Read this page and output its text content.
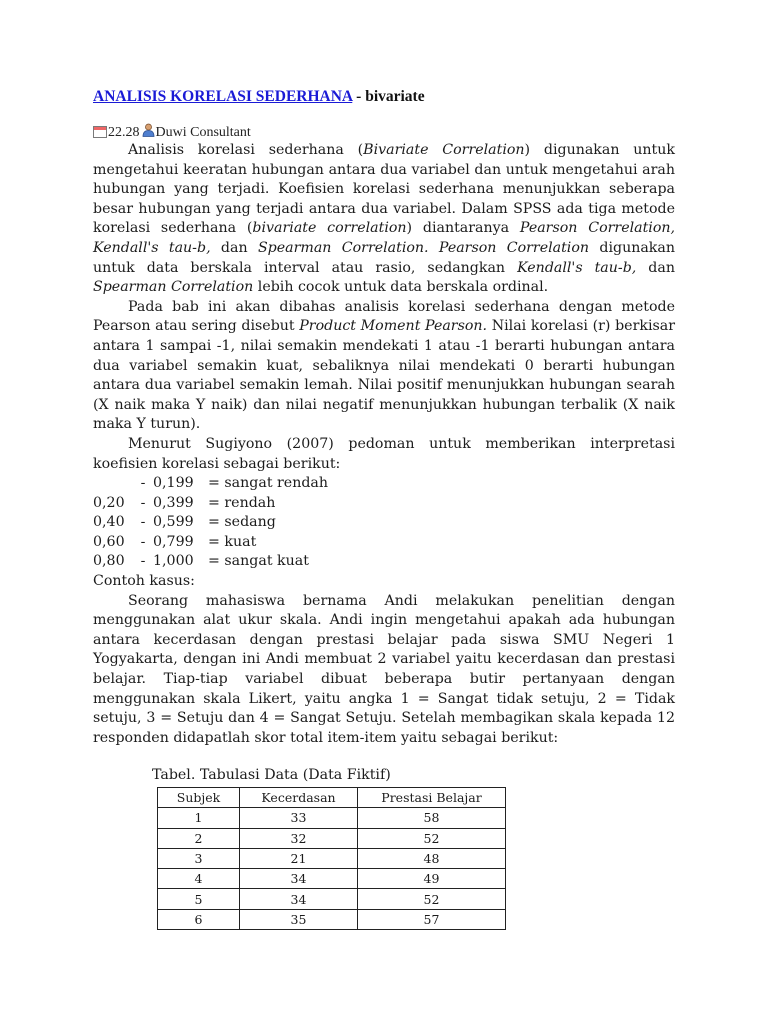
ANALISIS KORELASI SEDERHANA - bivariate
22.28 Duwi Consultant

Analisis korelasi sederhana (Bivariate Correlation) digunakan untuk mengetahui keeratan hubungan antara dua variabel dan untuk mengetahui arah hubungan yang terjadi. Koefisien korelasi sederhana menunjukkan seberapa besar hubungan yang terjadi antara dua variabel. Dalam SPSS ada tiga metode korelasi sederhana (bivariate correlation) diantaranya Pearson Correlation, Kendall's tau-b, dan Spearman Correlation. Pearson Correlation digunakan untuk data berskala interval atau rasio, sedangkan Kendall's tau-b, dan Spearman Correlation lebih cocok untuk data berskala ordinal.

Pada bab ini akan dibahas analisis korelasi sederhana dengan metode Pearson atau sering disebut Product Moment Pearson. Nilai korelasi (r) berkisar antara 1 sampai -1, nilai semakin mendekati 1 atau -1 berarti hubungan antara dua variabel semakin kuat, sebaliknya nilai mendekati 0 berarti hubungan antara dua variabel semakin lemah. Nilai positif menunjukkan hubungan searah (X naik maka Y naik) dan nilai negatif menunjukkan hubungan terbalik (X naik maka Y turun).

Menurut Sugiyono (2007) pedoman untuk memberikan interpretasi koefisien korelasi sebagai berikut:

- 0,199	= sangat rendah
0,20	- 0,399	= rendah
0,40	- 0,599	= sedang
0,60	- 0,799	= kuat
0,80	- 1,000	= sangat kuat
Contoh kasus:

Seorang mahasiswa bernama Andi melakukan penelitian dengan menggunakan alat ukur skala. Andi ingin mengetahui apakah ada hubungan antara kecerdasan dengan prestasi belajar pada siswa SMU Negeri 1 Yogyakarta, dengan ini Andi membuat 2 variabel yaitu kecerdasan dan prestasi belajar. Tiap-tiap variabel dibuat beberapa butir pertanyaan dengan menggunakan skala Likert, yaitu angka 1 = Sangat tidak setuju, 2 = Tidak setuju, 3 = Setuju dan 4 = Sangat Setuju. Setelah membagikan skala kepada 12 responden didapatlah skor total item-item yaitu sebagai berikut:

Tabel. Tabulasi Data (Data Fiktif)
Subjek	Kecerdasan	Prestasi Belajar
1	33	58
2	32	52
3	21	48
4	34	49
5	34	52
6	35	57
